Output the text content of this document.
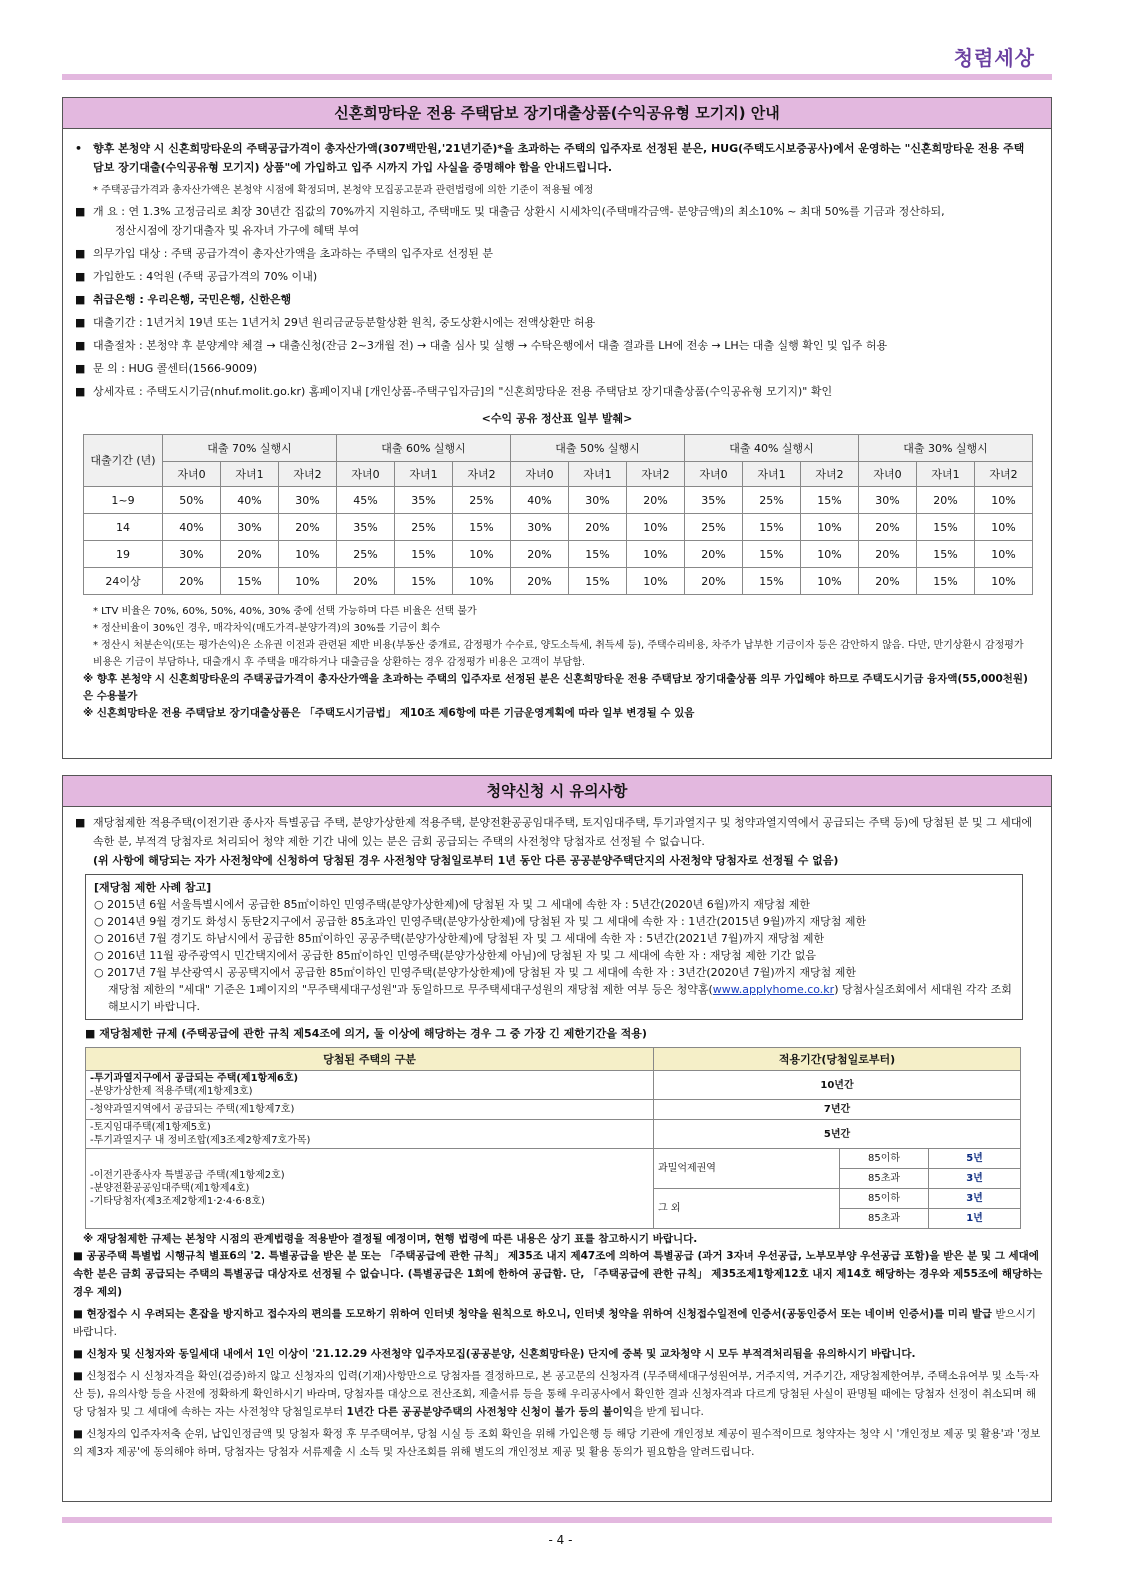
청렴세상
신혼희망타운 전용 주택담보 장기대출상품(수익공유형 모기지) 안내
• 향후 본청약 시 신혼희망타운의 주택공급가격이 총자산가액(307백만원,'21년기준)*을 초과하는 주택의 입주자로 선정된 분은, HUG(주택도시보증공사)에서 운영하는 "신혼희망타운 전용 주택담보 장기대출(수익공유형 모기지) 상품"에 가입하고 입주 시까지 가입 사실을 증명해야 함을 안내드립니다.
* 주택공급가격과 총자산가액은 본청약 시점에 확정되며, 본청약 모집공고문과 관련법령에 의한 기준이 적용될 예정
■ 개 요 : 연 1.3% 고정금리로 최장 30년간 집값의 70%까지 지원하고, 주택매도 및 대출금 상환시 시세차익(주택매각금액- 분양금액)의 최소10% ~ 최대 50%를 기금과 정산하되,
정산시점에 장기대출자 및 유자녀 가구에 혜택 부여
■ 의무가입 대상 : 주택 공급가격이 총자산가액을 초과하는 주택의 입주자로 선정된 분
■ 가입한도 : 4억원 (주택 공급가격의 70% 이내)
■ 취급은행 : 우리은행, 국민은행, 신한은행
■ 대출기간 : 1년거치 19년 또는 1년거치 29년 원리금균등분할상환 원칙, 중도상환시에는 전액상환만 허용
■ 대출절차 : 본청약 후 분양계약 체결 → 대출신청(잔금 2~3개월 전) → 대출 심사 및 실행 → 수탁은행에서 대출 결과를 LH에 전송 → LH는 대출 실행 확인 및 입주 허용
■ 문 의 : HUG 콜센터(1566-9009)
■ 상세자료 : 주택도시기금(nhuf.molit.go.kr) 홈페이지내 [개인상품-주택구입자금]의 "신혼희망타운 전용 주택담보 장기대출상품(수익공유형 모기지)" 확인
<수익 공유 정산표 일부 발췌>
대출기간 (년)	대출 70% 실행시			대출 60% 실행시			대출 50% 실행시			대출 40% 실행시			대출 30% 실행시		
	자녀0	자녀1	자녀2	자녀0	자녀1	자녀2	자녀0	자녀1	자녀2	자녀0	자녀1	자녀2	자녀0	자녀1	자녀2
1~9	50%	40%	30%	45%	35%	25%	40%	30%	20%	35%	25%	15%	30%	20%	10%
14	40%	30%	20%	35%	25%	15%	30%	20%	10%	25%	15%	10%	20%	15%	10%
19	30%	20%	10%	25%	15%	10%	20%	15%	10%	20%	15%	10%	20%	15%	10%
24이상	20%	15%	10%	20%	15%	10%	20%	15%	10%	20%	15%	10%	20%	15%	10%
* LTV 비율은 70%, 60%, 50%, 40%, 30% 중에 선택 가능하며 다른 비율은 선택 불가
* 정산비율이 30%인 경우, 매각차익(매도가격-분양가격)의 30%를 기금이 회수
* 정산시 처분손익(또는 평가손익)은 소유권 이전과 관련된 제반 비용(부동산 중개료, 감정평가 수수료, 양도소득세, 취득세 등), 주택수리비용, 차주가 납부한 기금이자 등은 감안하지 않음. 다만, 만기상환시 감정평가 비용은 기금이 부담하나, 대출개시 후 주택을 매각하거나 대출금을 상환하는 경우 감정평가 비용은 고객이 부담함.
※ 향후 본청약 시 신혼희망타운의 주택공급가격이 총자산가액을 초과하는 주택의 입주자로 선정된 분은 신혼희망타운 전용 주택담보 장기대출상품 의무 가입해야 하므로 주택도시기금 융자액(55,000천원)은 수용불가
※ 신혼희망타운 전용 주택담보 장기대출상품은 「주택도시기금법」 제10조 제6항에 따른 기금운영계획에 따라 일부 변경될 수 있음
청약신청 시 유의사항
■ 재당첨제한 적용주택(이전기관 종사자 특별공급 주택, 분양가상한제 적용주택, 분양전환공공임대주택, 토지임대주택, 투기과열지구 및 청약과열지역에서 공급되는 주택 등)에 당첨된 분 및 그 세대에 속한 분, 부적격 당첨자로 처리되어 청약 제한 기간 내에 있는 분은 금회 공급되는 주택의 사전청약 당첨자로 선정될 수 없습니다.
(위 사항에 해당되는 자가 사전청약에 신청하여 당첨된 경우 사전청약 당첨일로부터 1년 동안 다른 공공분양주택단지의 사전청약 당첨자로 선정될 수 없음)
[재당첨 제한 사례 참고]
○ 2015년 6월 서울특별시에서 공급한 85㎡이하인 민영주택(분양가상한제)에 당첨된 자 및 그 세대에 속한 자 : 5년간(2020년 6월)까지 재당첨 제한
○ 2014년 9월 경기도 화성시 동탄2지구에서 공급한 85초과인 민영주택(분양가상한제)에 당첨된 자 및 그 세대에 속한 자 : 1년간(2015년 9월)까지 재당첨 제한
○ 2016년 7월 경기도 하남시에서 공급한 85㎡이하인 공공주택(분양가상한제)에 당첨된 자 및 그 세대에 속한 자 : 5년간(2021년 7월)까지 재당첨 제한
○ 2016년 11월 광주광역시 민간택지에서 공급한 85㎡이하인 민영주택(분양가상한제 아님)에 당첨된 자 및 그 세대에 속한 자 : 재당첨 제한 기간 없음
○ 2017년 7월 부산광역시 공공택지에서 공급한 85㎡이하인 민영주택(분양가상한제)에 당첨된 자 및 그 세대에 속한 자 : 3년간(2020년 7월)까지 재당첨 제한
재당첨 제한의 "세대" 기준은 1페이지의 "무주택세대구성원"과 동일하므로 무주택세대구성원의 재당첨 제한 여부 등은 청약홈(www.applyhome.co.kr) 당첨사실조회에서 세대원 각각 조회해보시기 바랍니다.
■ 재당첨제한 규제 (주택공급에 관한 규칙 제54조에 의거, 둘 이상에 해당하는 경우 그 중 가장 긴 제한기간을 적용)
당첨된 주택의 구분	적용기간(당첨일로부터)		

-투기과열지구에서 공급되는 주택(제1항제6호)
-분양가상한제 적용주택(제1항제3호)	10년간		

-청약과열지역에서 공급되는 주택(제1항제7호)	7년간		

-토지임대주택(제1항제5호)
-투기과열지구 내 정비조합(제3조제2항제7호가목)	5년간		

-이전기관종사자 특별공급 주택(제1항제2호)
-분양전환공공임대주택(제1항제4호)
-기타당첨자(제3조제2항제1·2·4·6·8호)	과밀억제권역	85이하	5년
		85초과	3년
	그 외	85이하	3년
		85초과	1년
※ 재당첨제한 규제는 본청약 시점의 관계법령을 적용받아 결정될 예정이며, 현행 법령에 따른 내용은 상기 표를 참고하시기 바랍니다.
■ 공공주택 특별법 시행규칙 별표6의 '2. 특별공급을 받은 분 또는 「주택공급에 관한 규칙」 제35조 내지 제47조에 의하여 특별공급 (과거 3자녀 우선공급, 노부모부양 우선공급 포함)을 받은 분 및 그 세대에 속한 분은 금회 공급되는 주택의 특별공급 대상자로 선정될 수 없습니다. (특별공급은 1회에 한하여 공급함. 단, 「주택공급에 관한 규칙」 제35조제1항제12호 내지 제14호 해당하는 경우와 제55조에 해당하는 경우 제외)
■ 현장접수 시 우려되는 혼잡을 방지하고 접수자의 편의를 도모하기 위하여 인터넷 청약을 원칙으로 하오니, 인터넷 청약을 위하여 신청접수일전에 인증서(공동인증서 또는 네이버 인증서)를 미리 발급 받으시기 바랍니다.
■ 신청자 및 신청자와 동일세대 내에서 1인 이상이 '21.12.29 사전청약 입주자모집(공공분양, 신혼희망타운) 단지에 중복 및 교차청약 시 모두 부적격처리됨을 유의하시기 바랍니다.
■ 신청접수 시 신청자격을 확인(검증)하지 않고 신청자의 입력(기재)사항만으로 당첨자를 결정하므로, 본 공고문의 신청자격 (무주택세대구성원여부, 거주지역, 거주기간, 재당첨제한여부, 주택소유여부 및 소득·자산 등), 유의사항 등을 사전에 정확하게 확인하시기 바라며, 당첨자를 대상으로 전산조회, 제출서류 등을 통해 우리공사에서 확인한 결과 신청자격과 다르게 당첨된 사실이 판명될 때에는 당첨자 선정이 취소되며 해당 당첨자 및 그 세대에 속하는 자는 사전청약 당첨일로부터 1년간 다른 공공분양주택의 사전청약 신청이 불가 등의 불이익을 받게 됩니다.
■ 신청자의 입주자저축 순위, 납입인정금액 및 당첨자 확정 후 무주택여부, 당첨 시실 등 조회 확인을 위해 가입은행 등 해당 기관에 개인정보 제공이 필수적이므로 청약자는 청약 시 '개인정보 제공 및 활용'과 '정보의 제3자 제공'에 동의해야 하며, 당첨자는 당첨자 서류제출 시 소득 및 자산조회를 위해 별도의 개인정보 제공 및 활용 동의가 필요함을 알려드립니다.
- 4 -
